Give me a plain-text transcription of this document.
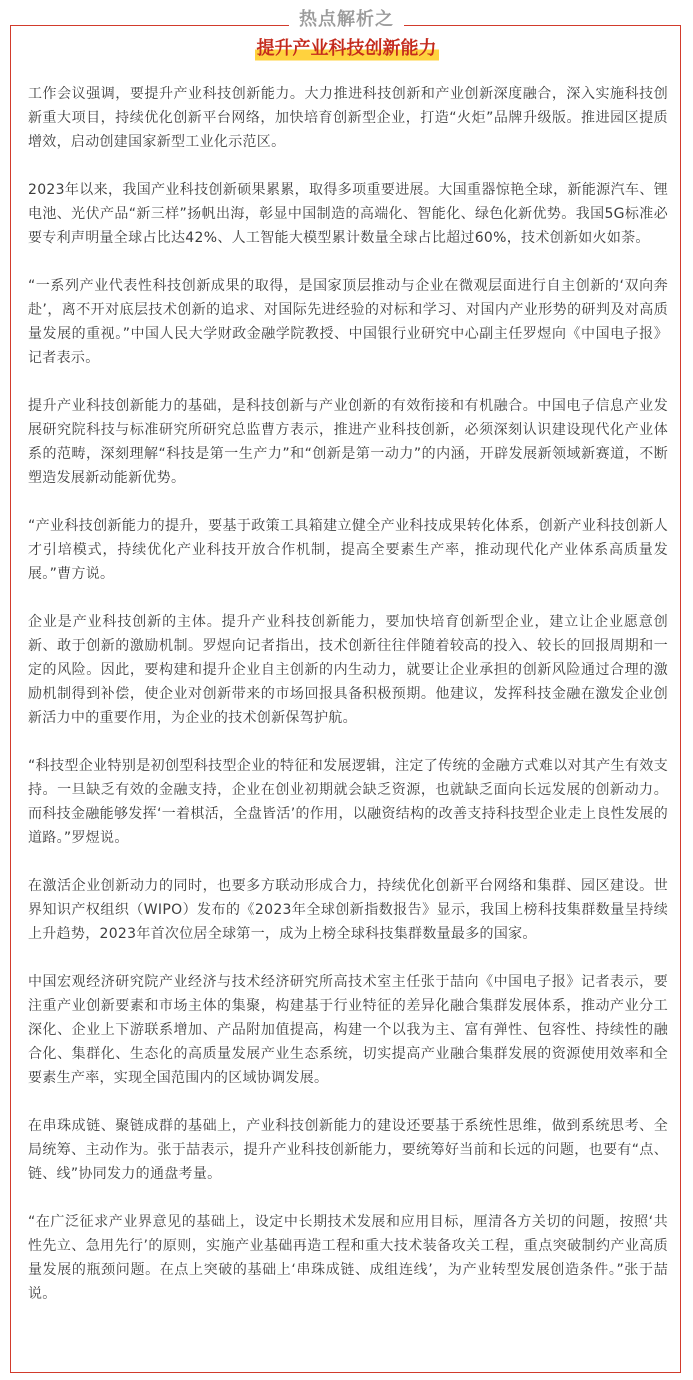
热点解析之
提升产业科技创新能力

工作会议强调，要提升产业科技创新能力。大力推进科技创新和产业创新深度融合，深入实施科技创新重大项目，持续优化创新平台网络，加快培育创新型企业，打造“火炬”品牌升级版。推进园区提质增效，启动创建国家新型工业化示范区。

2023年以来，我国产业科技创新硕果累累，取得多项重要进展。大国重器惊艳全球，新能源汽车、锂电池、光伏产品“新三样”扬帆出海，彰显中国制造的高端化、智能化、绿色化新优势。我国5G标准必要专利声明量全球占比达42%、人工智能大模型累计数量全球占比超过60%，技术创新如火如荼。

“一系列产业代表性科技创新成果的取得，是国家顶层推动与企业在微观层面进行自主创新的‘双向奔赴’，离不开对底层技术创新的追求、对国际先进经验的对标和学习、对国内产业形势的研判及对高质量发展的重视。”中国人民大学财政金融学院教授、中国银行业研究中心副主任罗煜向《中国电子报》记者表示。

提升产业科技创新能力的基础，是科技创新与产业创新的有效衔接和有机融合。中国电子信息产业发展研究院科技与标准研究所研究总监曹方表示，推进产业科技创新，必须深刻认识建设现代化产业体系的范畴，深刻理解“科技是第一生产力”和“创新是第一动力”的内涵，开辟发展新领域新赛道，不断塑造发展新动能新优势。

“产业科技创新能力的提升，要基于政策工具箱建立健全产业科技成果转化体系，创新产业科技创新人才引培模式，持续优化产业科技开放合作机制，提高全要素生产率，推动现代化产业体系高质量发展。”曹方说。

企业是产业科技创新的主体。提升产业科技创新能力，要加快培育创新型企业，建立让企业愿意创新、敢于创新的激励机制。罗煜向记者指出，技术创新往往伴随着较高的投入、较长的回报周期和一定的风险。因此，要构建和提升企业自主创新的内生动力，就要让企业承担的创新风险通过合理的激励机制得到补偿，使企业对创新带来的市场回报具备积极预期。他建议，发挥科技金融在激发企业创新活力中的重要作用，为企业的技术创新保驾护航。

“科技型企业特别是初创型科技型企业的特征和发展逻辑，注定了传统的金融方式难以对其产生有效支持。一旦缺乏有效的金融支持，企业在创业初期就会缺乏资源，也就缺乏面向长远发展的创新动力。而科技金融能够发挥‘一着棋活，全盘皆活’的作用，以融资结构的改善支持科技型企业走上良性发展的道路。”罗煜说。

在激活企业创新动力的同时，也要多方联动形成合力，持续优化创新平台网络和集群、园区建设。世界知识产权组织（WIPO）发布的《2023年全球创新指数报告》显示，我国上榜科技集群数量呈持续上升趋势，2023年首次位居全球第一，成为上榜全球科技集群数量最多的国家。

中国宏观经济研究院产业经济与技术经济研究所高技术室主任张于喆向《中国电子报》记者表示，要注重产业创新要素和市场主体的集聚，构建基于行业特征的差异化融合集群发展体系，推动产业分工深化、企业上下游联系增加、产品附加值提高，构建一个以我为主、富有弹性、包容性、持续性的融合化、集群化、生态化的高质量发展产业生态系统，切实提高产业融合集群发展的资源使用效率和全要素生产率，实现全国范围内的区域协调发展。

在串珠成链、聚链成群的基础上，产业科技创新能力的建设还要基于系统性思维，做到系统思考、全局统筹、主动作为。张于喆表示，提升产业科技创新能力，要统筹好当前和长远的问题，也要有“点、链、线”协同发力的通盘考量。

“在广泛征求产业界意见的基础上，设定中长期技术发展和应用目标，厘清各方关切的问题，按照‘共性先立、急用先行’的原则，实施产业基础再造工程和重大技术装备攻关工程，重点突破制约产业高质量发展的瓶颈问题。在点上突破的基础上‘串珠成链、成组连线’，为产业转型发展创造条件。”张于喆说。
